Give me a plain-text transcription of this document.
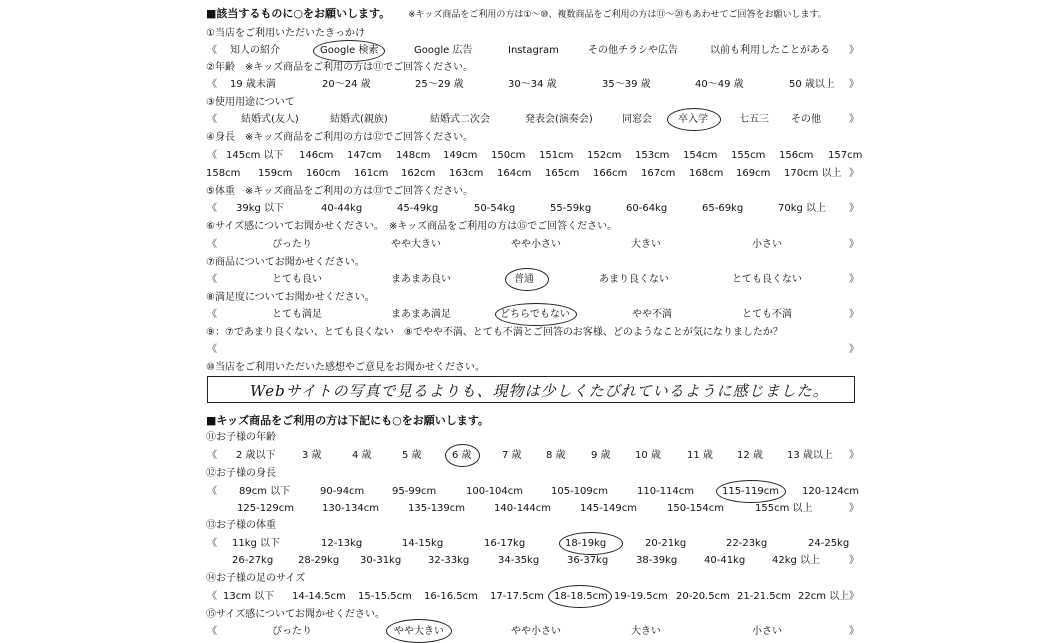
■該当するものに○をお願いします。 ※キッズ商品をご利用の方は①～⑩、複数商品をご利用の方は⑪～⑳もあわせてご回答をお願いします。
①当店をご利用いただいたきっかけ
《 知人の紹介	Google 検索	Google 広告	Instagram	その他チラシや広告	以前も利用したことがある 》
②年齢　※キッズ商品をご利用の方は⑪でご回答ください。
《 19 歳未満	20～24 歳	25～29 歳	30～34 歳	35～39 歳	40～49 歳	50 歳以上 》
③使用用途について
《 結婚式(友人)	結婚式(親族)	結婚式二次会	発表会(演奏会)	同窓会	卒入学	七五三 その他	》
④身長　※キッズ商品をご利用の方は⑫でご回答ください。
《 145cm 以下 146cm 147cm 148cm 149cm 150cm 151cm 152cm 153cm 154cm 155cm 156cm 157cm
158cm 159cm 160cm 161cm 162cm 163cm 164cm 165cm 166cm 167cm 168cm 169cm 170cm 以上 》
⑤体重　※キッズ商品をご利用の方は⑬でご回答ください。
《 39kg 以下	40-44kg	45-49kg	50-54kg	55-59kg	60-64kg	65-69kg	70kg 以上 》
⑥サイズ感についてお聞かせください。　※キッズ商品をご利用の方は⑮でご回答ください。
《	ぴったり	やや大きい	やや小さい	大きい	小さい	》
⑦商品についてお聞かせください。
《	とても良い	まあまあ良い	普通	あまり良くない	とても良くない	》
⑧満足度についてお聞かせください。
《	とても満足	まあまあ満足	どちらでもない	やや不満	とても不満	》
⑨：⑦であまり良くない、とても良くない　⑧でやや不満、とても不満とご回答のお客様、どのようなことが気になりましたか？
《	》
⑩当店をご利用いただいた感想やご意見をお聞かせください。
Webサイトの写真で見るよりも、現物は少しくたびれているように感じました。
■キッズ商品をご利用の方は下記にも○をお願いします。
⑪お子様の年齢
《 2 歳以下	3 歳	4 歳	5 歳	6 歳	7 歳 8 歳	9 歳 10 歳	11 歳 12 歳 13 歳以上 》
⑫お子様の身長
《 89cm 以下	90-94cm	95-99cm	100-104cm	105-109cm	110-114cm	115-119cm 120-124cm
125-129cm	130-134cm	135-139cm	140-144cm	145-149cm	150-154cm	155cm 以上	》
⑬お子様の体重
《 11kg 以下	12-13kg	14-15kg	16-17kg	18-19kg	20-21kg	22-23kg	24-25kg
26-27kg 28-29kg 30-31kg	32-33kg	34-35kg	36-37kg	38-39kg	40-41kg	42kg 以上	》
⑭お子様の足のサイズ
《 13cm 以下 14-14.5cm 15-15.5cm 16-16.5cm 17-17.5cm 18-18.5cm 19-19.5cm 20-20.5cm 21-21.5cm 22cm 以上 》
⑮サイズ感についてお聞かせください。
《	ぴったり	やや大きい	やや小さい	大きい	小さい	》
